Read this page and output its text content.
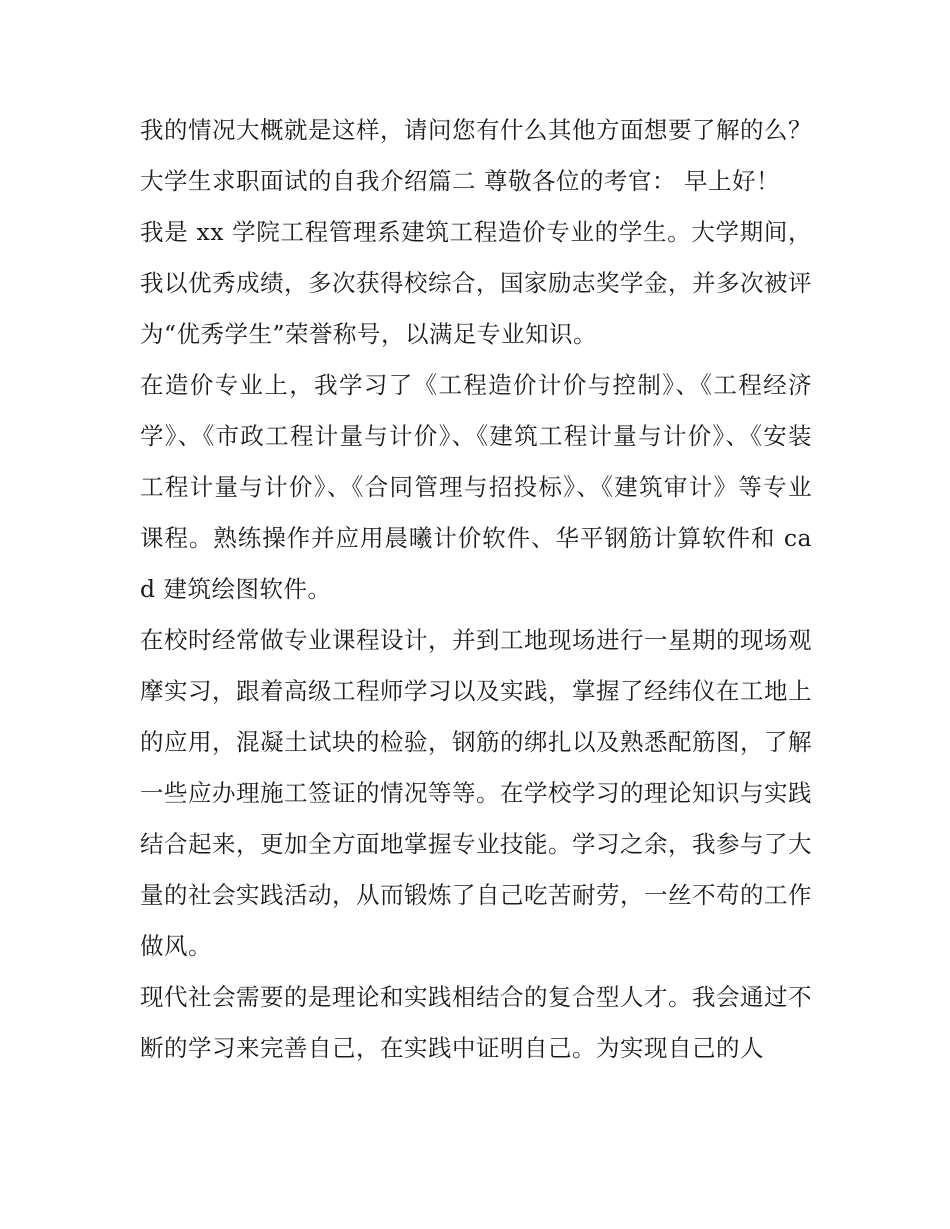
我的情况大概就是这样，请问您有什么其他方面想要了解的么？ 大学生求职面试的自我介绍篇二 尊敬各位的考官： 早上好！

我是 xx 学院工程管理系建筑工程造价专业的学生。大学期间，我以优秀成绩，多次获得校综合，国家励志奖学金，并多次被评为“优秀学生”荣誉称号，以满足专业知识。

在造价专业上，我学习了《工程造价计价与控制》、《工程经济学》、《市政工程计量与计价》、《建筑工程计量与计价》、《安装工程计量与计价》、《合同管理与招投标》、《建筑审计》等专业课程。熟练操作并应用晨曦计价软件、华平钢筋计算软件和 cad 建筑绘图软件。

在校时经常做专业课程设计，并到工地现场进行一星期的现场观摩实习，跟着高级工程师学习以及实践，掌握了经纬仪在工地上的应用，混凝土试块的检验，钢筋的绑扎以及熟悉配筋图，了解一些应办理施工签证的情况等等。在学校学习的理论知识与实践结合起来，更加全方面地掌握专业技能。学习之余，我参与了大量的社会实践活动，从而锻炼了自己吃苦耐劳，一丝不苟的工作做风。

现代社会需要的是理论和实践相结合的复合型人才。我会通过不断的学习来完善自己，在实践中证明自己。为实现自己的人
